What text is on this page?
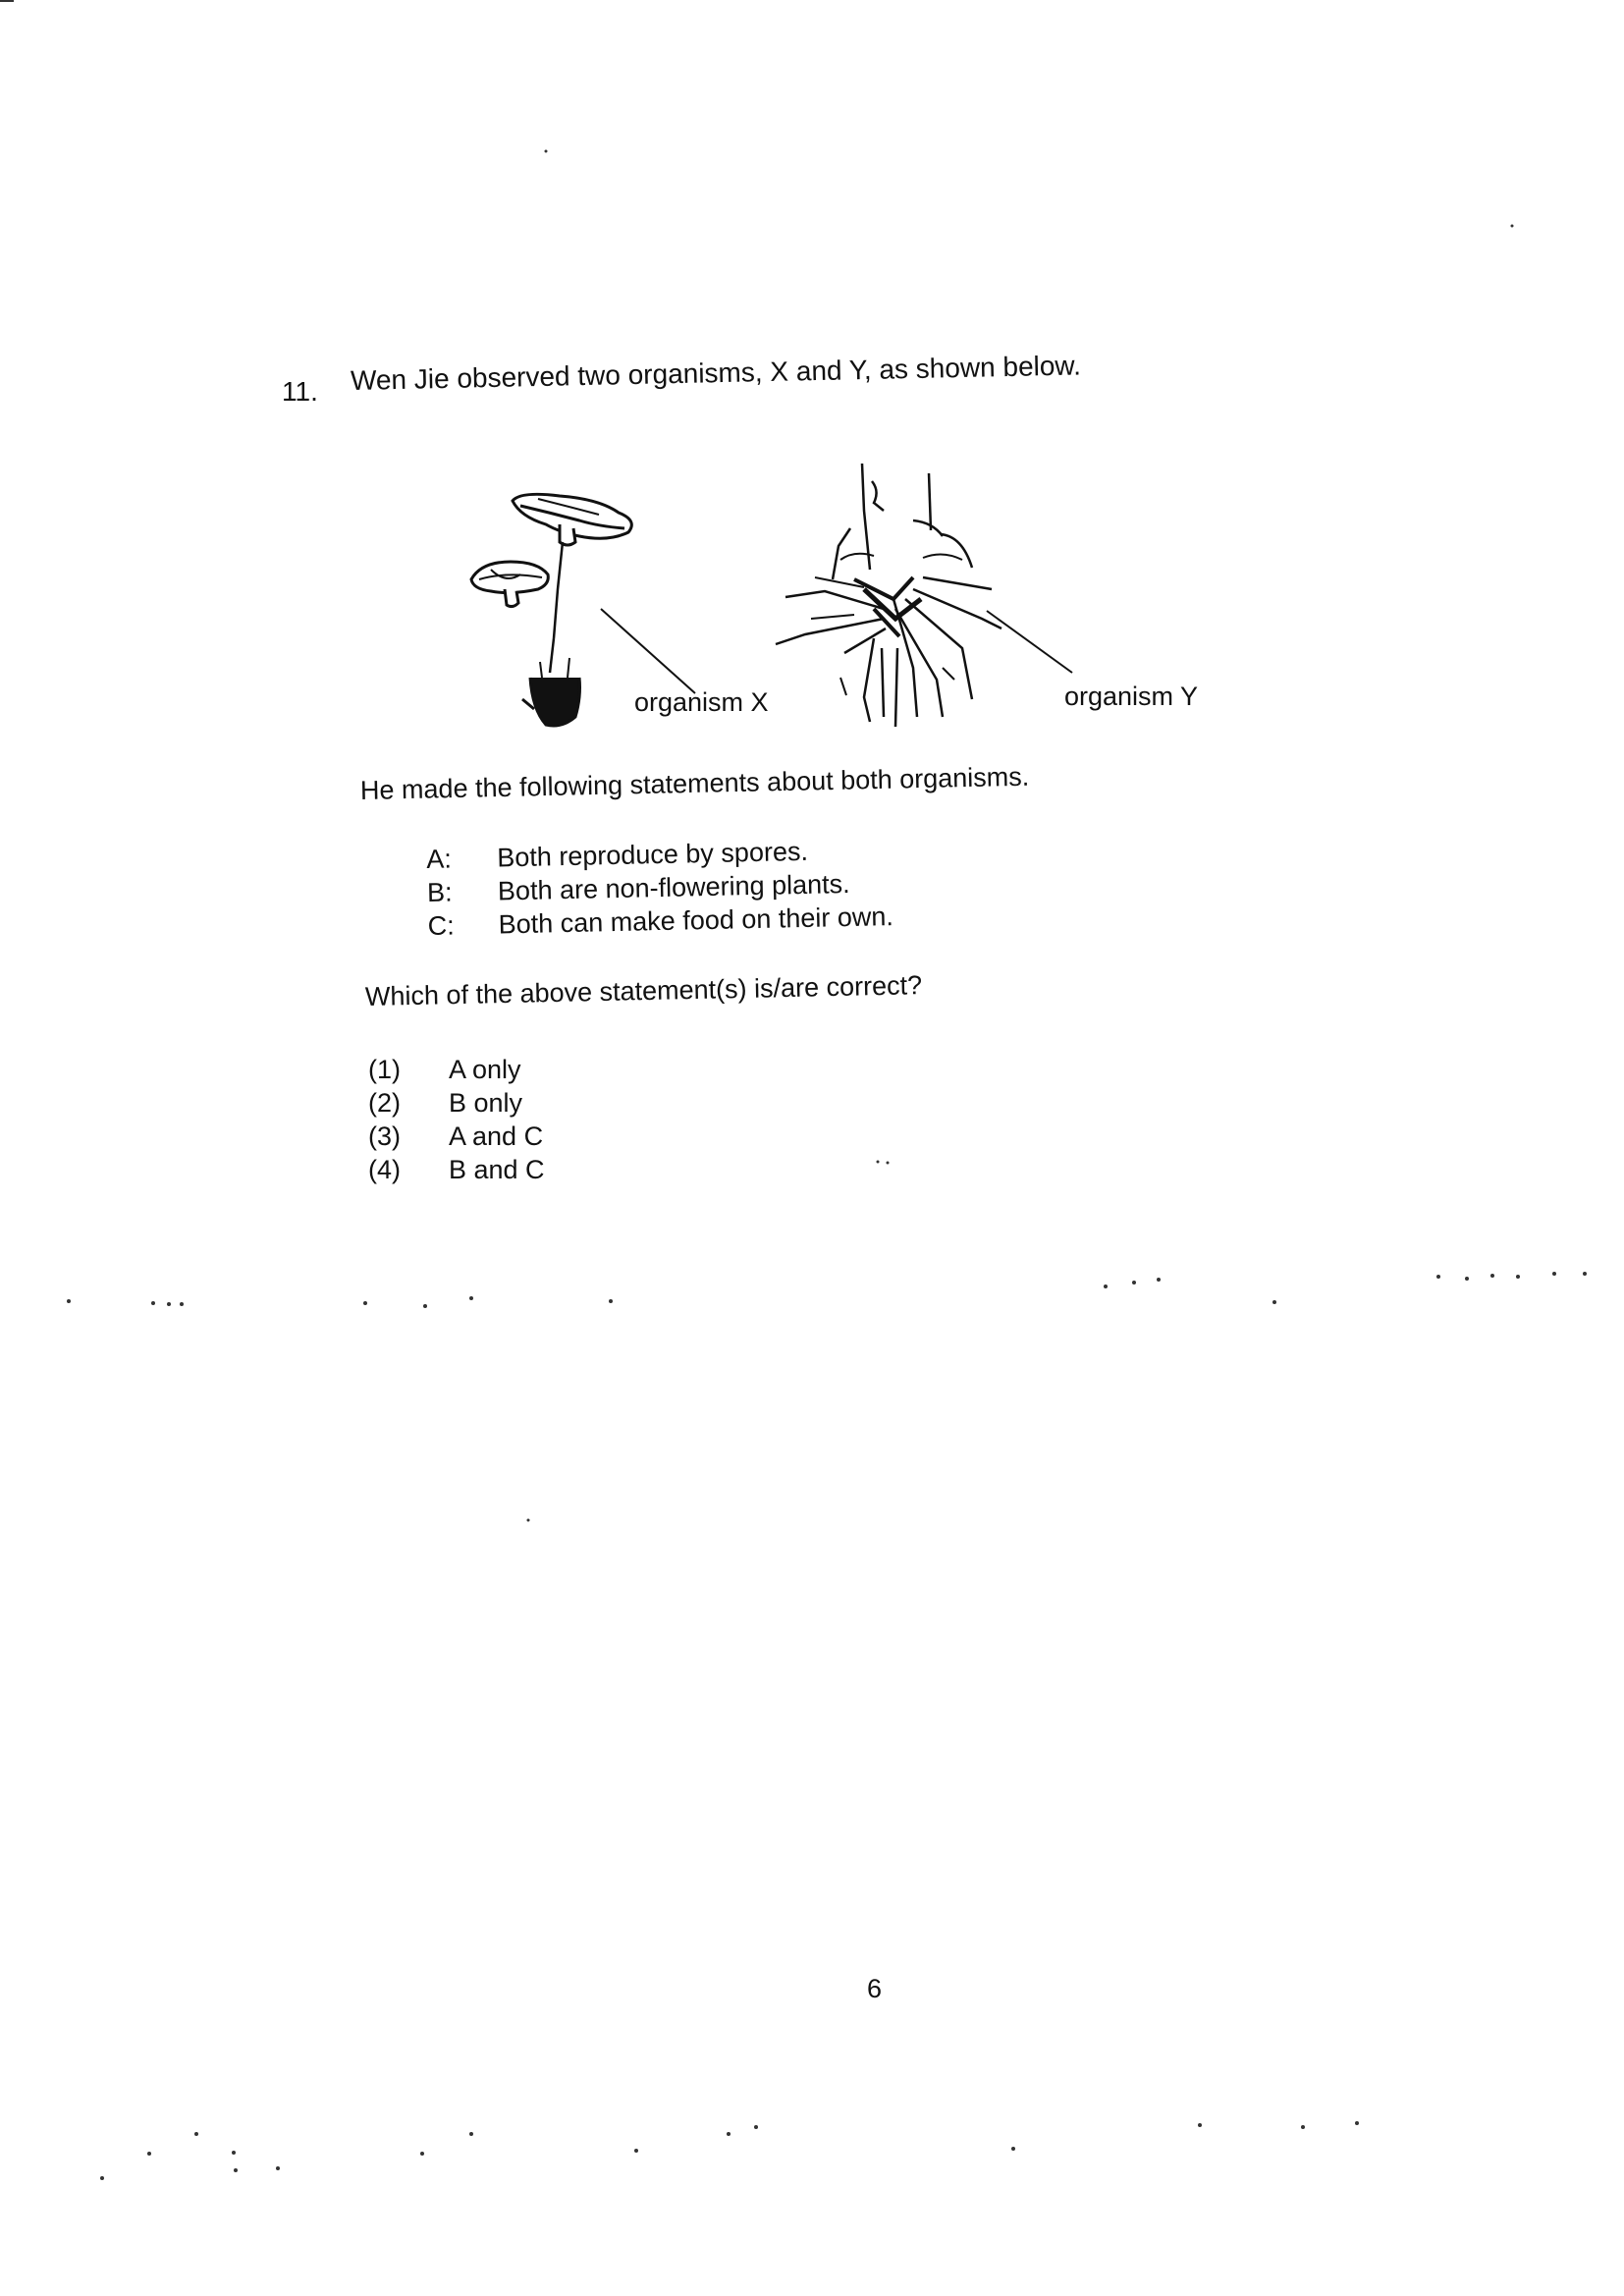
11. Wen Jie observed two organisms, X and Y, as shown below.
organism X	organism Y
He made the following statements about both organisms.
A:	Both reproduce by spores.
B:	Both are non-flowering plants.
C:	Both can make food on their own.
Which of the above statement(s) is/are correct?
(1)	A only
(2)	B only
(3)	A and C
(4)	B and C
6
